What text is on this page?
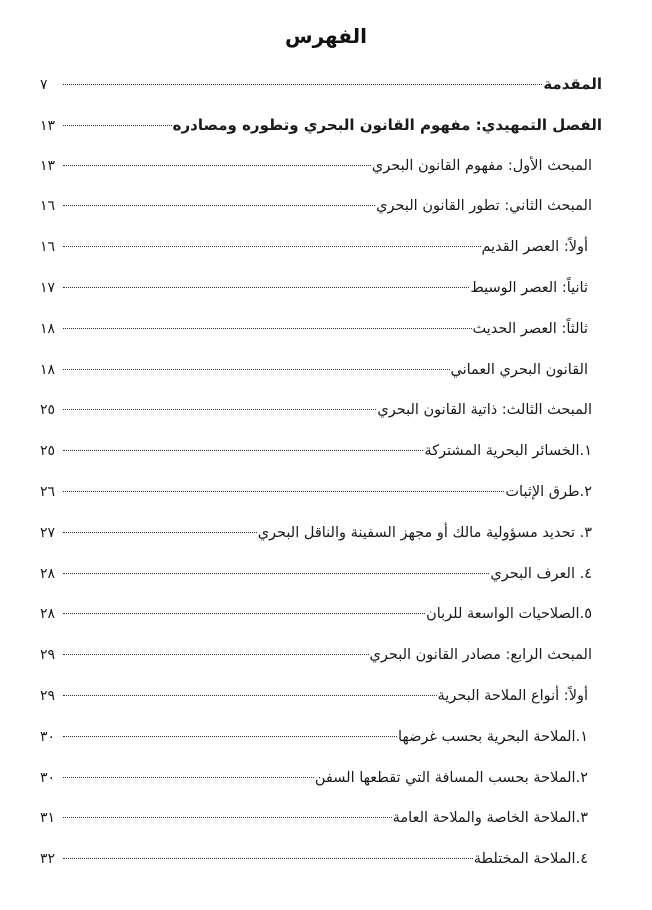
الفهرس
المقدمة
٧
الفصل التمهيدي: مفهوم القانون البحري وتطوره ومصادره
١٣
المبحث الأول: مفهوم القانون البحري
١٣
المبحث الثاني: تطور القانون البحري
١٦
أولاً: العصر القديم
١٦
ثانياً: العصر الوسيط
١٧
ثالثاً: العصر الحديث
١٨
القانون البحري العماني
١٨
المبحث الثالث: ذاتية القانون البحري
٢٥
١.الخسائر البحرية المشتركة
٢٥
٢.طرق الإثبات
٢٦
٣. تحديد مسؤولية مالك أو مجهز السفينة والناقل البحري
٢٧
٤. العرف البحري
٢٨
٥.الصلاحيات الواسعة للربان
٢٨
المبحث الرابع: مصادر القانون البحري
٢٩
أولاً: أنواع الملاحة البحرية
٢٩
١.الملاحة البحرية بحسب غرضها
٣٠
٢.الملاحة بحسب المسافة التي تقطعها السفن
٣٠
٣.الملاحة الخاصة والملاحة العامة
٣١
٤.الملاحة المختلطة
٣٢
